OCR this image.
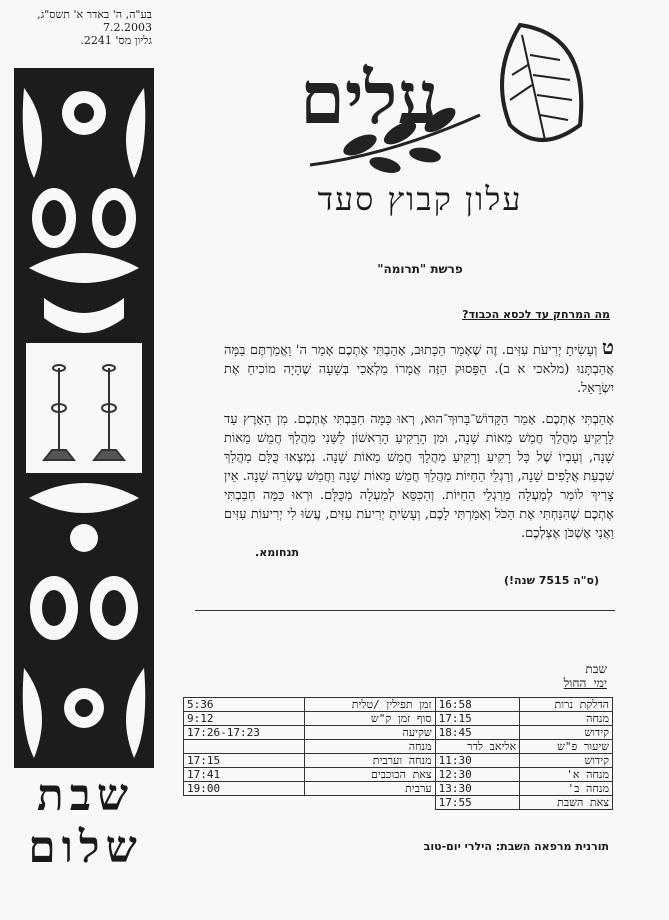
בע"ה, ה' באדר א' תשס"ג,
7.2.2003
גליון מס' 2241.
שבת
שלום
עלים
עלון קבוץ סעד
פרשת "תרומה"
מה המרחק עד לכסא הכבוד?
ט וְעָשִׂיתָ יְרִיעֹת עִזִּים. זֶה שֶׁאָמַר הַכָּתוּב, אָהַבְתִּי אֶתְכֶם אָמַר ה' וַאֲמַרְתֶּם בַּמָּה אֲהַבְתָּנוּ (מלאכי א ב). הַפָּסוּק הַזֶּה אֲמָרוֹ מַלְאָכִי בְּשָׁעָה שֶׁהָיָה מוֹכִיחַ אֶת יִשְׂרָאֵל.
אָהַבְתִּי אֶתְכֶם. אָמַר הַקָּדוֹשׁ־בָּרוּךְ־הוּא, רְאוּ כַּמָּה חִבַּבְתִּי אֶתְכֶם. מִן הָאָרֶץ עַד לָרָקִיעַ מַהֲלַךְ חֲמֵשׁ מֵאוֹת שָׁנָה, וּמִן הָרָקִיעַ הָרִאשׁוֹן לַשֵּׁנִי מַהֲלַךְ חֲמֵשׁ מֵאוֹת שָׁנָה, וְעָבְיוֹ שֶׁל כָּל רָקִיעַ וְרָקִיעַ מַהֲלַךְ חֲמֵשׁ מֵאוֹת שָׁנָה. נִמְצְאוּ כֻּלָּם מַהֲלַךְ שִׁבְעַת אֲלָפִים שָׁנָה, וְרַגְלֵי הַחַיּוֹת מַהֲלַךְ חֲמֵשׁ מֵאוֹת שָׁנָה וַחֲמֵשׁ עֶשְׂרֵה שָׁנָה. אֵין צָרִיךְ לוֹמַר לְמַעְלָה מֵרַגְלֵי הַחַיּוֹת. וְהַכִּסֵּא לְמַעְלָה מִכֻּלָּם. וּרְאוּ כַּמָּה חִבַּבְתִּי אֶתְכֶם שֶׁהִנַּחְתִּי אֶת הַכֹּל וְאָמַרְתִּי לָכֶם, וְעָשִׂיתָ יְרִיעֹת עִזִּים, עֲשׂוּ לִי יְרִיעוֹת עִזִּים וַאֲנִי אֶשְׁכֹּן אֶצְלְכֶם.
תנחומא.
(ס"ה 7515 שנה!)
שבת
ימי החול
5:36	זמן תפילין /טלית	16:58	הדלקת נרות
9:12	סוף זמן ק"ש	17:15	מנחה
17:26-17:23	שקיעה	18:45	קידוש
	מנחה	אליאב לדר	שיעור פ"ש
17:15	מנחה וערבית	11:30	קידוש
17:41	צאת הכוכבים	12:30	מנחה א'
19:00	ערבית	13:30	מנחה ב'
		17:55	צאת השבת
תורנית מרפאה השבת: הילרי יום-טוב
